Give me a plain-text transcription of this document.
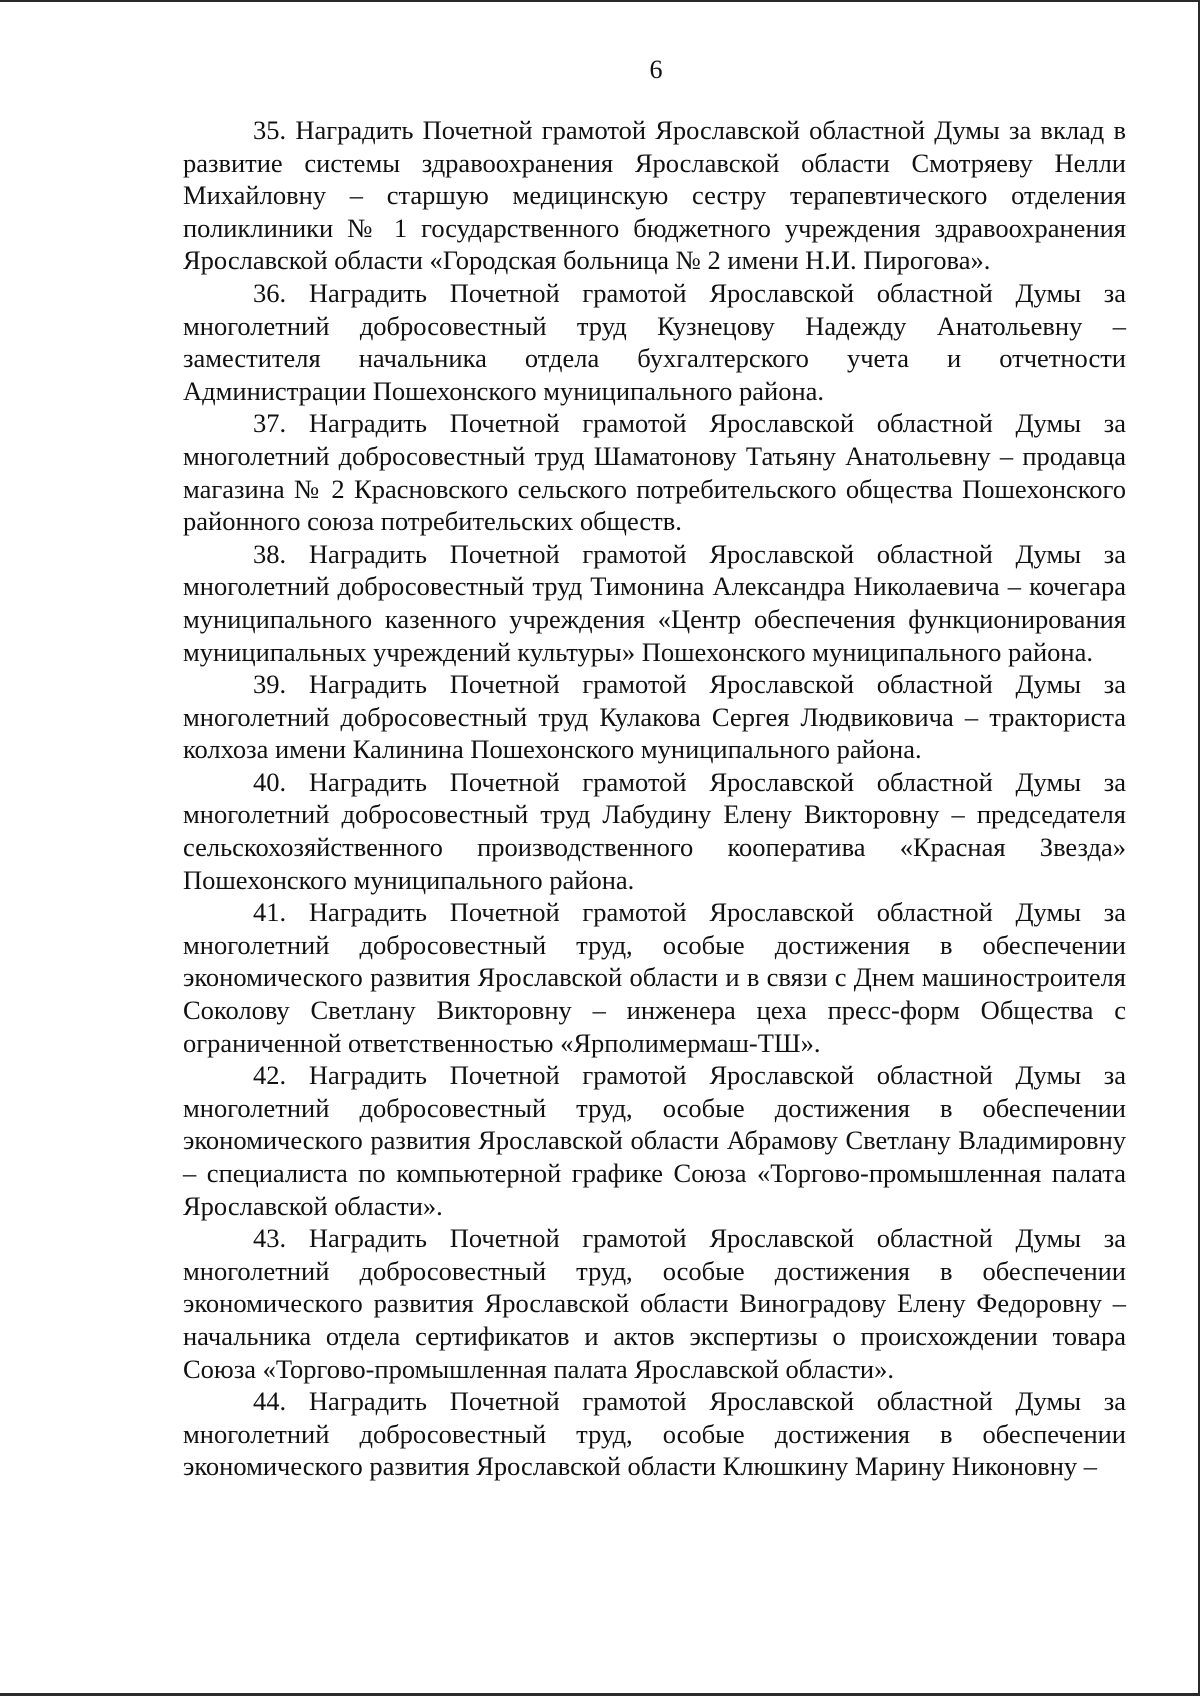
6

35. Наградить Почетной грамотой Ярославской областной Думы за вклад в развитие системы здравоохранения Ярославской области Смотряеву Нелли Михайловну – старшую медицинскую сестру терапевтического отделения поликлиники № 1 государственного бюджетного учреждения здравоохранения Ярославской области «Городская больница № 2 имени Н.И. Пирогова».

36. Наградить Почетной грамотой Ярославской областной Думы за многолетний добросовестный труд Кузнецову Надежду Анатольевну – заместителя начальника отдела бухгалтерского учета и отчетности Администрации Пошехонского муниципального района.

37. Наградить Почетной грамотой Ярославской областной Думы за многолетний добросовестный труд Шаматонову Татьяну Анатольевну – продавца магазина № 2 Красновского сельского потребительского общества Пошехонского районного союза потребительских обществ.

38. Наградить Почетной грамотой Ярославской областной Думы за многолетний добросовестный труд Тимонина Александра Николаевича – кочегара муниципального казенного учреждения «Центр обеспечения функционирования муниципальных учреждений культуры» Пошехонского муниципального района.

39. Наградить Почетной грамотой Ярославской областной Думы за многолетний добросовестный труд Кулакова Сергея Людвиковича – тракториста колхоза имени Калинина Пошехонского муниципального района.

40. Наградить Почетной грамотой Ярославской областной Думы за многолетний добросовестный труд Лабудину Елену Викторовну – председателя сельскохозяйственного производственного кооператива «Красная Звезда» Пошехонского муниципального района.

41. Наградить Почетной грамотой Ярославской областной Думы за многолетний добросовестный труд, особые достижения в обеспечении экономического развития Ярославской области и в связи с Днем машиностроителя Соколову Светлану Викторовну – инженера цеха пресс-форм Общества с ограниченной ответственностью «Ярполимермаш-ТШ».

42. Наградить Почетной грамотой Ярославской областной Думы за многолетний добросовестный труд, особые достижения в обеспечении экономического развития Ярославской области Абрамову Светлану Владимировну – специалиста по компьютерной графике Союза «Торгово-промышленная палата Ярославской области».

43. Наградить Почетной грамотой Ярославской областной Думы за многолетний добросовестный труд, особые достижения в обеспечении экономического развития Ярославской области Виноградову Елену Федоровну – начальника отдела сертификатов и актов экспертизы о происхождении товара Союза «Торгово-промышленная палата Ярославской области».

44. Наградить Почетной грамотой Ярославской областной Думы за многолетний добросовестный труд, особые достижения в обеспечении экономического развития Ярославской области Клюшкину Марину Никоновну –
